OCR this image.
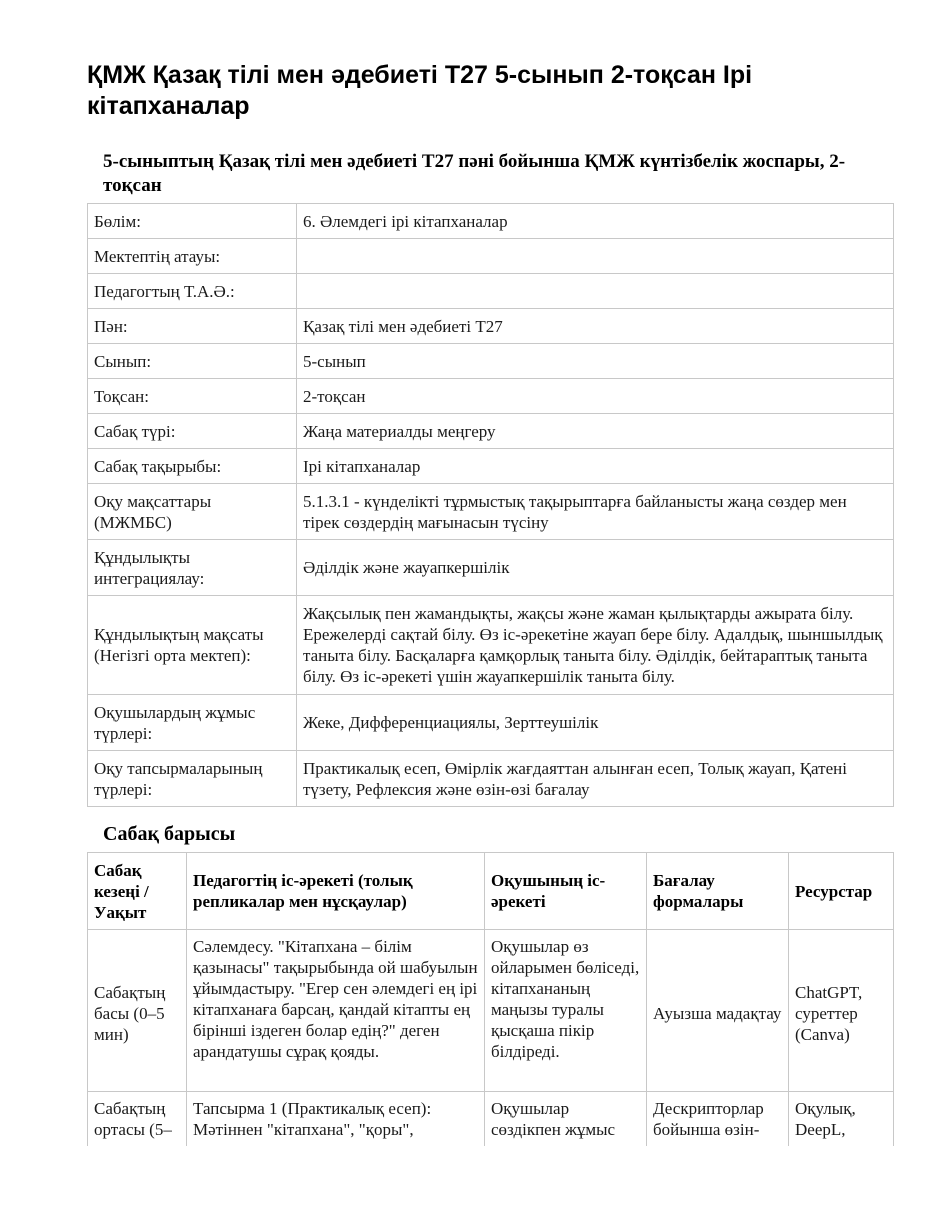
ҚМЖ Қазақ тілі мен әдебиеті Т27 5-сынып 2-тоқсан Ірі кітапханалар

5-сыныптың Қазақ тілі мен әдебиеті Т27 пәні бойынша ҚМЖ күнтізбелік жоспары, 2-тоқсан

Бөлім:	6. Әлемдегі ірі кітапханалар
Мектептің атауы:	
Педагогтың Т.А.Ә.:	
Пән:	Қазақ тілі мен әдебиеті Т27
Сынып:	5-сынып
Тоқсан:	2-тоқсан
Сабақ түрі:	Жаңа материалды меңгеру
Сабақ тақырыбы:	Ірі кітапханалар
Оқу мақсаттары (МЖМБС)	5.1.3.1 - күнделікті тұрмыстық тақырыптарға байланысты жаңа сөздер мен тірек сөздердің мағынасын түсіну
Құндылықты интеграциялау:	Әділдік және жауапкершілік
Құндылықтың мақсаты (Негізгі орта мектеп):	Жақсылық пен жамандықты, жақсы және жаман қылықтарды ажырата білу. Ережелерді сақтай білу. Өз іс-әрекетіне жауап бере білу. Адалдық, шыншылдық таныта білу. Басқаларға қамқорлық таныта білу. Әділдік, бейтараптық таныта білу. Өз іс-әрекеті үшін жауапкершілік таныта білу.
Оқушылардың жұмыс түрлері:	Жеке, Дифференциациялы, Зерттеушілік
Оқу тапсырмаларының түрлері:	Практикалық есеп, Өмірлік жағдаяттан алынған есеп, Толық жауап, Қатені түзету, Рефлексия және өзін-өзі бағалау
Сабақ барысы
Сабақ кезеңі / Уақыт	Педагогтің іс-әрекеті (толық репликалар мен нұсқаулар)	Оқушының іс-әрекеті	Бағалау формалары	Ресурстар
Сабақтың басы (0–5 мин)	Сәлемдесу. "Кітапхана – білім қазынасы" тақырыбында ой шабуылын ұйымдастыру. "Егер сен әлемдегі ең ірі кітапханаға барсаң, қандай кітапты ең бірінші іздеген болар едің?" деген арандатушы сұрақ қояды.	Оқушылар өз ойларымен бөліседі, кітапхананың маңызы туралы қысқаша пікір білдіреді.	Ауызша мадақтау	ChatGPT, суреттер (Canva)
Сабақтың ортасы (5–	Тапсырма 1 (Практикалық есеп): Мәтіннен "кітапхана", "қоры",	Оқушылар сөздікпен жұмыс	Дескрипторлар бойынша өзін-	Оқулық, DeepL,
